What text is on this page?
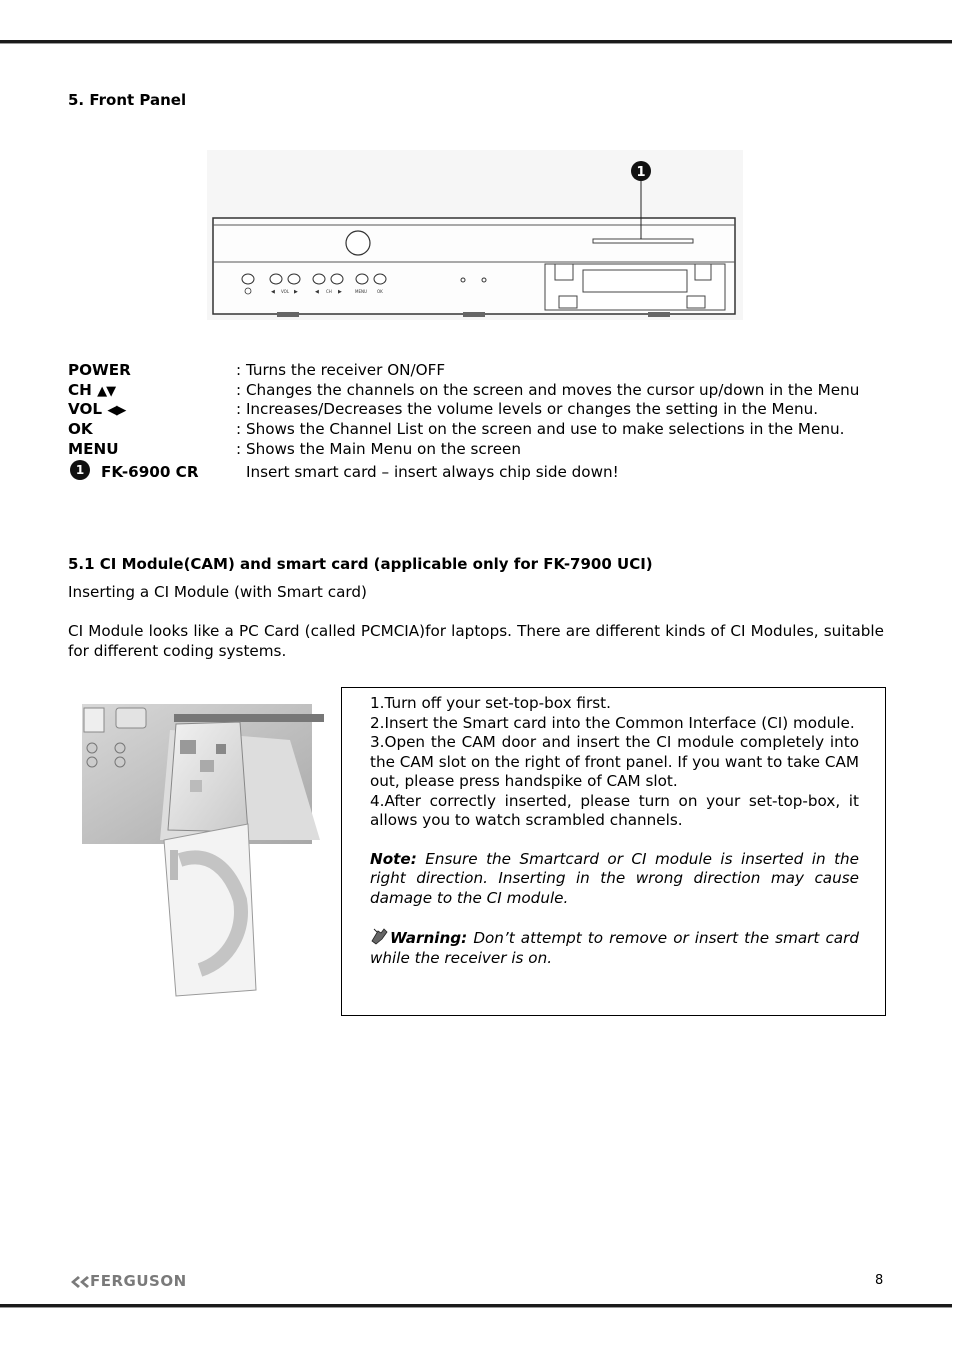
5. Front Panel
◀ VOL ▶	◀ CH ▶	MENU	OK
1
POWER	: Turns the receiver ON/OFF
CH ▲▼	: Changes the channels on the screen and moves the cursor up/down in the Menu
VOL ◀▶	: Increases/Decreases the volume levels or changes the setting in the Menu.
OK	: Shows the Channel List on the screen and use to make selections in the Menu.
MENU	: Shows the Main Menu on the screen
1	FK-6900 CR	Insert smart card – insert always chip side down!
5.1 CI Module(CAM) and smart card (applicable only for FK-7900 UCI)
Inserting a CI Module (with Smart card)
CI Module looks like a PC Card (called PCMCIA)for laptops. There are different kinds of CI Modules, suitable for different coding systems.

1.Turn off your set-top-box first.

2.Insert the Smart card into the Common Interface (CI) module.

3.Open the CAM door and insert the CI module completely into the CAM slot on the right of front panel. If you want to take CAM out, please press handspike of CAM slot.

4.After correctly inserted, please turn on your set-top-box, it allows you to watch scrambled channels.

Note: Ensure the Smartcard or CI module is inserted in the right direction. Inserting in the wrong direction may cause damage to the CI module.

Warning: Don’t attempt to remove or insert the smart card while the receiver is on.

FERGUSON	8
